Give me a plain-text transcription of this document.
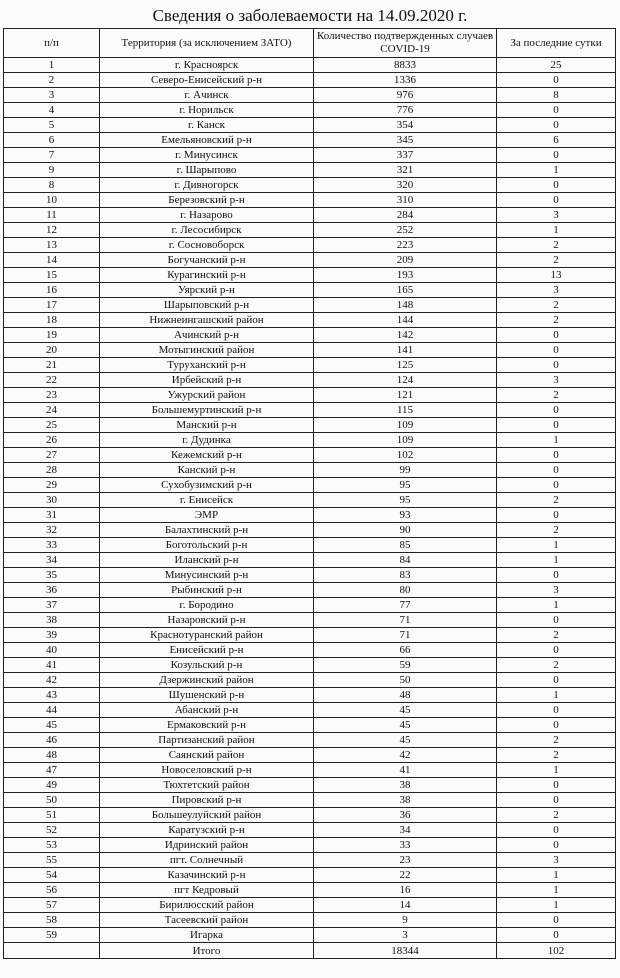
Сведения о заболеваемости на 14.09.2020 г.
п/п	Территория (за исключением ЗАТО)	Количество подтвержденных случаев COVID-19	За последние сутки
1	г. Красноярск	8833	25
2	Северо-Енисейский р-н	1336	0
3	г. Ачинск	976	8
4	г. Норильск	776	0
5	г. Канск	354	0
6	Емельяновский р-н	345	6
7	г. Минусинск	337	0
9	г. Шарыпово	321	1
8	г. Дивногорск	320	0
10	Березовский р-н	310	0
11	г. Назарово	284	3
12	г. Лесосибирск	252	1
13	г. Сосновоборск	223	2
14	Богучанский р-н	209	2
15	Курагинский р-н	193	13
16	Уярский р-н	165	3
17	Шарыповский р-н	148	2
18	Нижнеингашский район	144	2
19	Ачинский р-н	142	0
20	Мотыгинский район	141	0
21	Туруханский р-н	125	0
22	Ирбейский р-н	124	3
23	Ужурский район	121	2
24	Большемуртинский р-н	115	0
25	Манский р-н	109	0
26	г. Дудинка	109	1
27	Кежемский р-н	102	0
28	Канский р-н	99	0
29	Сухобузимский р-н	95	0
30	г. Енисейск	95	2
31	ЭМР	93	0
32	Балахтинский р-н	90	2
33	Боготольский р-н	85	1
34	Иланский р-н	84	1
35	Минусинский р-н	83	0
36	Рыбинский р-н	80	3
37	г. Бородино	77	1
38	Назаровский р-н	71	0
39	Краснотуранский район	71	2
40	Енисейский р-н	66	0
41	Козульский р-н	59	2
42	Дзержинский район	50	0
43	Шушенский р-н	48	1
44	Абанский р-н	45	0
45	Ермаковский р-н	45	0
46	Партизанский район	45	2
48	Саянский район	42	2
47	Новоселовский р-н	41	1
49	Тюхтетский район	38	0
50	Пировский р-н	38	0
51	Большеулуйский район	36	2
52	Каратузский р-н	34	0
53	Идринский район	33	0
55	пгт. Солнечный	23	3
54	Казачинский р-н	22	1
56	пгт Кедровый	16	1
57	Бирилюсский район	14	1
58	Тасеевский район	9	0
59	Игарка	3	0
	Итого	18344	102
